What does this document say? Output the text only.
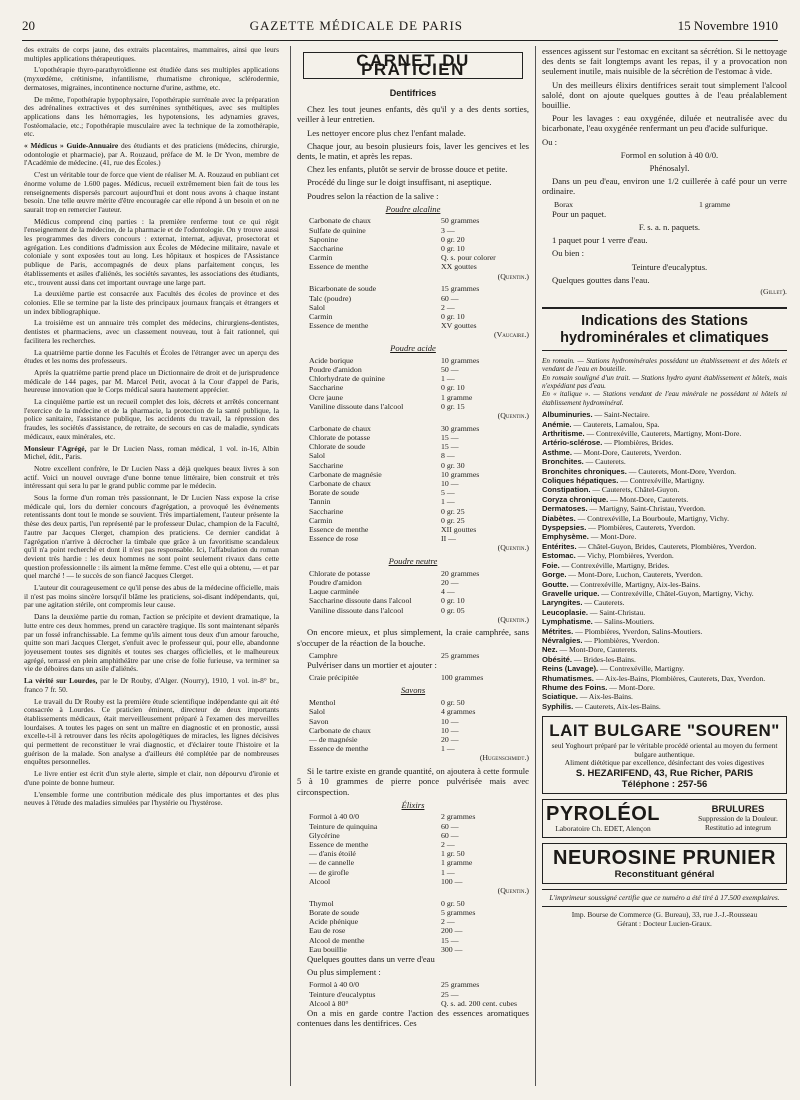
20	GAZETTE MÉDICALE DE PARIS	15 Novembre 1910

des extraits de corps jaune, des extraits placentaires, mammaires, ainsi que leurs multiples applications thérapeutiques.

L'opothérapie thyro-parathyroïdienne est étudiée dans ses multiples applications (myxœdème, crétinisme, infantilisme, rhumatisme chronique, sclérodermie, dermatoses, migraines, incontinence nocturne d'urine, asthme, etc.

De même, l'opothérapie hypophysaire, l'opothérapie surrénale avec la préparation des adrénalines extractives et des surrénines synthétiques, avec ses multiples applications dans les hémorragies, les hypotensions, les adynamies graves, l'ostéomalacie, etc.; l'opothérapie musculaire avec la technique de la zomothérapie, etc.

« Médicus » Guide-Annuaire des étudiants et des praticiens (médecins, chirurgie, odontologie et pharmacie), par A. Rouzaud, préface de M. le Dr Yvon, membre de l'Académie de médecine. (41, rue des Écoles.)

C'est un véritable tour de force que vient de réaliser M. A. Rouzaud en publiant cet énorme volume de 1.600 pages. Médicus, recueil extrêmement bien fait de tous les renseignements dispersés parcourt aujourd'hui et dont nous avons à chaque instant besoin. Une telle œuvre mérite d'être encouragée car elle répond à un besoin et on ne saurait trop en remercier l'auteur.

Médicus comprend cinq parties : la première renferme tout ce qui régit l'enseignement de la médecine, de la pharmacie et de l'odontologie. On y trouve aussi les programmes des divers concours : externat, internat, adjuvat, prosectorat et agrégation. Les conditions d'admission aux Écoles de Médecine militaire, navale et coloniale y sont exposées tout au long. Les hôpitaux et hospices de l'Assistance publique de Paris, accompagnés de deux plans parfaitement conçus, les établissements et asiles d'aliénés, les sociétés savantes, les associations des étudiants, etc., trouvent aussi dans cet important ouvrage une large part.

La deuxième partie est consacrée aux Facultés des écoles de province et des colonies. Elle se termine par la liste des principaux journaux français et étrangers et un index bibliographique.

La troisième est un annuaire très complet des médecins, chirurgiens-dentistes, dentistes et pharmaciens, avec un classement nouveau, tout à fait rationnel, qui facilitera les recherches.

La quatrième partie donne les Facultés et Écoles de l'étranger avec un aperçu des études et les noms des professeurs.

Après la quatrième partie prend place un Dictionnaire de droit et de jurisprudence médicale de 144 pages, par M. Marcel Petit, avocat à la Cour d'appel de Paris, heureuse innovation que le Corps médical saura hautement apprécier.

La cinquième partie est un recueil complet des lois, décrets et arrêtés concernant l'exercice de la médecine et de la pharmacie, la protection de la santé publique, la police sanitaire, l'assistance publique, les accidents du travail, la répression des fraudes, les sociétés d'assistance, de retraite, de secours en cas de maladie, syndicats médicaux, eaux minérales, etc.

Monsieur l'Agrégé, par le Dr Lucien Nass, roman médical, 1 vol. in-16, Albin Michel, édit., Paris.

Notre excellent confrère, le Dr Lucien Nass a déjà quelques beaux livres à son actif. Voici un nouvel ouvrage d'une bonne tenue littéraire, bien construit et très intéressant qui sera lu par le grand public comme par le médecin.

Sous la forme d'un roman très passionnant, le Dr Lucien Nass expose la crise médicale qui, lors du dernier concours d'agrégation, a provoqué les événements retentissants dont tout le monde se souvient. Très impartialement, l'auteur présente la thèse des deux partis, l'un représenté par le professeur Dulac, champion de la Faculté, l'autre par Jacques Clerget, champion des praticiens. Ce dernier candidat à l'agrégation n'arrive à décrocher la timbale que grâce à un favoritisme scandaleux qu'il n'a point recherché et dont il n'est pas responsable. Ici, l'affabulation du roman devient très hardie : les deux hommes ne sont point seulement rivaux dans cette question professionnelle : ils aiment la même femme. C'est elle qui a obtenu, — et par quel marché ! — le succès de son fiancé Jacques Clerget.

L'auteur dit courageusement ce qu'il pense des abus de la médecine officielle, mais il n'est pas moins sincère lorsqu'il blâme les praticiens, soi-disant indépendants, qui, par une agitation stérile, ont compromis leur cause.

Dans la deuxième partie du roman, l'action se précipite et devient dramatique, la lutte entre ces deux hommes, prend un caractère tragique. Ils sont maintenant séparés par un fossé infranchissable. La femme qu'ils aiment tous deux d'un amour farouche, quitte son mari Jacques Clerget, s'enfuit avec le professeur qui, pour elle, abandonne joyeusement toutes ses dignités et toutes ses charges officielles, et le malheureux agrégé, terrassé en plein amphithéâtre par une crise de folie furieuse, va terminer sa vie de déboires dans un asile d'aliénés.

La vérité sur Lourdes, par le Dr Rouby, d'Alger. (Nourry), 1910, 1 vol. in-8° br., franco 7 fr. 50.

Le travail du Dr Rouby est la première étude scientifique indépendante qui ait été consacrée à Lourdes. Ce praticien éminent, directeur de deux importants établissements médicaux, était merveilleusement préparé à l'examen des merveilles lourdaises. A toutes les pages on sent un maître en diagnostic et en pronostic, aussi excelle-t-il à retrouver dans les récits apologétiques de miracles, les lignes décisives qui permettent de reconstituer le vrai diagnostic, et d'éclairer toute l'histoire et la guérison de la malade. Son analyse a d'ailleurs été complétée par de nombreuses enquêtes personnelles.

Le livre entier est écrit d'un style alerte, simple et clair, non dépourvu d'ironie et d'une pointe de bonne humeur.

L'ensemble forme une contribution médicale des plus importantes et des plus neuves à l'étude des maladies simulées par l'hystérie ou l'hystérose.

CARNET DU PRATICIEN
Dentifrices

Chez les tout jeunes enfants, dès qu'il y a des dents sorties, veiller à leur entretien.

Les nettoyer encore plus chez l'enfant malade.

Chaque jour, au besoin plusieurs fois, laver les gencives et les dents, le matin, et après les repas.

Chez les enfants, plutôt se servir de brosse douce et petite.

Procédé du linge sur le doigt insuffisant, ni aseptique.

Poudres selon la réaction de la salive :

Poudre alcaline
Carbonate de chaux	50 grammes
Sulfate de quinine	3 —
Saponine	0 gr. 20
Saccharine	0 gr. 10
Carmin	Q. s. pour colorer
Essence de menthe	XX gouttes
(Quentin.)
Bicarbonate de soude	15 grammes
Talc (poudre)	60 —
Salol	2 —
Carmin	0 gr. 10
Essence de menthe	XV gouttes
(Vaucaire.)
Poudre acide
Acide borique	10 grammes
Poudre d'amidon	50 —
Chlorhydrate de quinine	1 —
Saccharine	0 gr. 10
Ocre jaune	1 gramme
Vaniline dissoute dans l'alcool	0 gr. 15
(Quentin.)
Carbonate de chaux	30 grammes
Chlorate de potasse	15 —
Chlorate de soude	15 —
Salol	8 —
Saccharine	0 gr. 30
Carbonate de magnésie	10 grammes
Carbonate de chaux	10 —
Borate de soude	5 —
Tannin	1 —
Saccharine	0 gr. 25
Carmin	0 gr. 25
Essence de menthe	XII gouttes
Essence de rose	II —
(Quentin.)
Poudre neutre
Chlorate de potasse	20 grammes
Poudre d'amidon	20 —
Laque carminée	4 —
Saccharine dissoute dans l'alcool	0 gr. 10
Vaniline dissoute dans l'alcool	0 gr. 05
(Quentin.)

On encore mieux, et plus simplement, la craie camphrée, sans s'occuper de la réaction de la bouche.

Camphre	25 grammes

Pulvériser dans un mortier et ajouter :

Craie précipitée	100 grammes
Savons
Menthol	0 gr. 50
Salol	4 grammes
Savon	10 —
Carbonate de chaux	10 —
— de magnésie	20 —
Essence de menthe	1 —
(Hugenschmidt.)

Si le tartre existe en grande quantité, on ajoutera à cette formule 5 à 10 grammes de pierre ponce pulvérisée mais avec circonspection.

Élixirs
Formol à 40 0/0	2 grammes
Teinture de quinquina	60 —
Glycérine	60 —
Essence de menthe	2 —
— d'anis étoilé	1 gr. 50
— de cannelle	1 gramme
— de girofle	1 —
Alcool	100 —
(Quentin.)
Thymol	0 gr. 50
Borate de soude	5 grammes
Acide phénique	2 —
Eau de rose	200 —
Alcool de menthe	15 —
Eau bouillie	300 —

Quelques gouttes dans un verre d'eau

Ou plus simplement :

Formol à 40 0/0	25 grammes
Teinture d'eucalyptus	25 —
Alcool à 80°	Q. s. ad. 200 cent. cubes

On a mis en garde contre l'action des essences aromatiques contenues dans les dentifrices. Ces

essences agissent sur l'estomac en excitant sa sécrétion. Si le nettoyage des dents se fait longtemps avant les repas, il y a provocation non seulement inutile, mais nuisible de la sécrétion de l'estomac à vide.

Un des meilleurs élixirs dentifrices serait tout simplement l'alcool salolé, dont on ajoute quelques gouttes à de l'eau préalablement bouillie.

Pour les lavages : eau oxygénée, diluée et neutralisée avec du bicarbonate, l'eau oxygénée renfermant un peu d'acide sulfurique.

Ou :

Formol en solution à 40 0/0.

Phénosalyl.

Dans un peu d'eau, environ une 1/2 cuillerée à café pour un verre ordinaire.

Borax	1 gramme

Pour un paquet.

F. s. a. n. paquets.

1 paquet pour 1 verre d'eau.

Ou bien :

Teinture d'eucalyptus.

Quelques gouttes dans l'eau.

(Gillet).
Indications des Stations hydrominérales et climatiques
En romain. — Stations hydrominérales possédant un établissement et des hôtels et vendant de l'eau en bouteille.
En romain souligné d'un trait. — Stations hydro ayant établissement et hôtels, mais n'expédiant pas d'eau.
En « italique ». — Stations vendant de l'eau minérale ne possédant ni hôtels ni établissement hydrominéral.
Albuminuries. — Saint-Nectaire.
Anémie. — Cauterets, Lamalou, Spa.
Arthritisme. — Contrexéville, Cauterets, Martigny, Mont-Dore.
Artério-sclérose. — Plombières, Brides.
Asthme. — Mont-Dore, Cauterets, Yverdon.
Bronchites. — Cauterets.
Bronchites chroniques. — Cauterets, Mont-Dore, Yverdon.
Coliques hépatiques. — Contrexéville, Martigny.
Constipation. — Cauterets, Châtel-Guyon.
Coryza chronique. — Mont-Dore, Cauterets.
Dermatoses. — Martigny, Saint-Christau, Yverdon.
Diabètes. — Contrexéville, La Bourboule, Martigny, Vichy.
Dyspepsies. — Plombières, Cauterets, Yverdon.
Emphysème. — Mont-Dore.
Entérites. — Châtel-Guyon, Brides, Cauterets, Plombières, Yverdon.
Estomac. — Vichy, Plombières, Yverdon.
Foie. — Contrexéville, Martigny, Brides.
Gorge. — Mont-Dore, Luchon, Cauterets, Yverdon.
Goutte. — Contrexéville, Martigny, Aix-les-Bains.
Gravelle urique. — Contrexéville, Châtel-Guyon, Martigny, Vichy.
Laryngites. — Cauterets.
Leucoplasie. — Saint-Christau.
Lymphatisme. — Salins-Moutiers.
Métrites. — Plombières, Yverdon, Salins-Moutiers.
Névralgies. — Plombières, Yverdon.
Nez. — Mont-Dore, Cauterets.
Obésité. — Brides-les-Bains.
Reins (Lavage). — Contrexéville, Martigny.
Rhumatismes. — Aix-les-Bains, Plombières, Cauterets, Dax, Yverdon.
Rhume des Foins. — Mont-Dore.
Sciatique. — Aix-les-Bains.
Syphilis. — Cauterets, Aix-les-Bains.
LAIT BULGARE "SOUREN"
seul Yoghourt préparé par le véritable procédé oriental au moyen du ferment bulgare authentique.
Aliment diététique par excellence, désinfectant des voies digestives
S. HEZARIFEND, 43, Rue Richer, PARIS
Téléphone : 257-56
PYROLÉOL
Laboratoire Ch. EDET, Alençon
BRULURES
Suppression de la Douleur. Restitutio ad integrum
NEUROSINE PRUNIER
Reconstituant général
L'imprimeur soussigné certifie que ce numéro a été tiré à 17.500 exemplaires.
Imp. Bourse de Commerce (G. Bureau), 33, rue J.-J.-Rousseau
Gérant : Docteur Lucien-Graux.
